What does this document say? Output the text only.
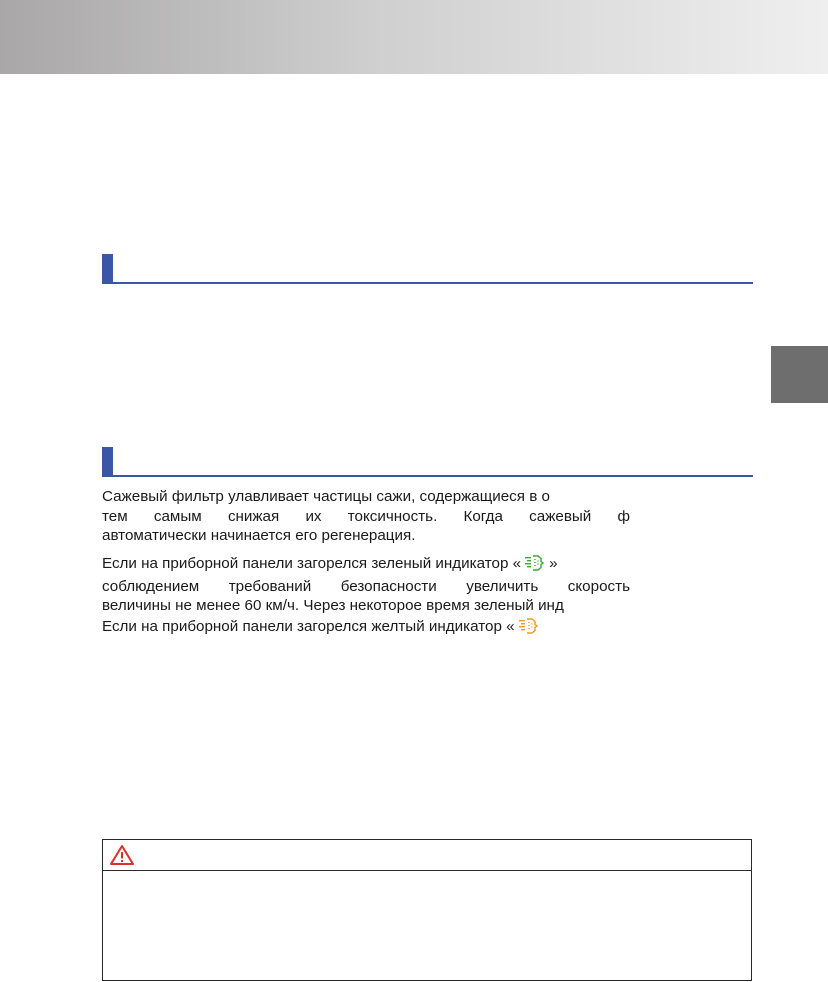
Сажевый фильтр улавливает частицы сажи, содержащиеся в о
тем самым снижая их токсичность. Когда сажевый ф
автоматически начинается его регенерация.
Если на приборной панели загорелся зеленый индикатор « »
соблюдением требований безопасности увеличить скорость
величины не менее 60 км/ч. Через некоторое время зеленый инд
Если на приборной панели загорелся желтый индикатор «
